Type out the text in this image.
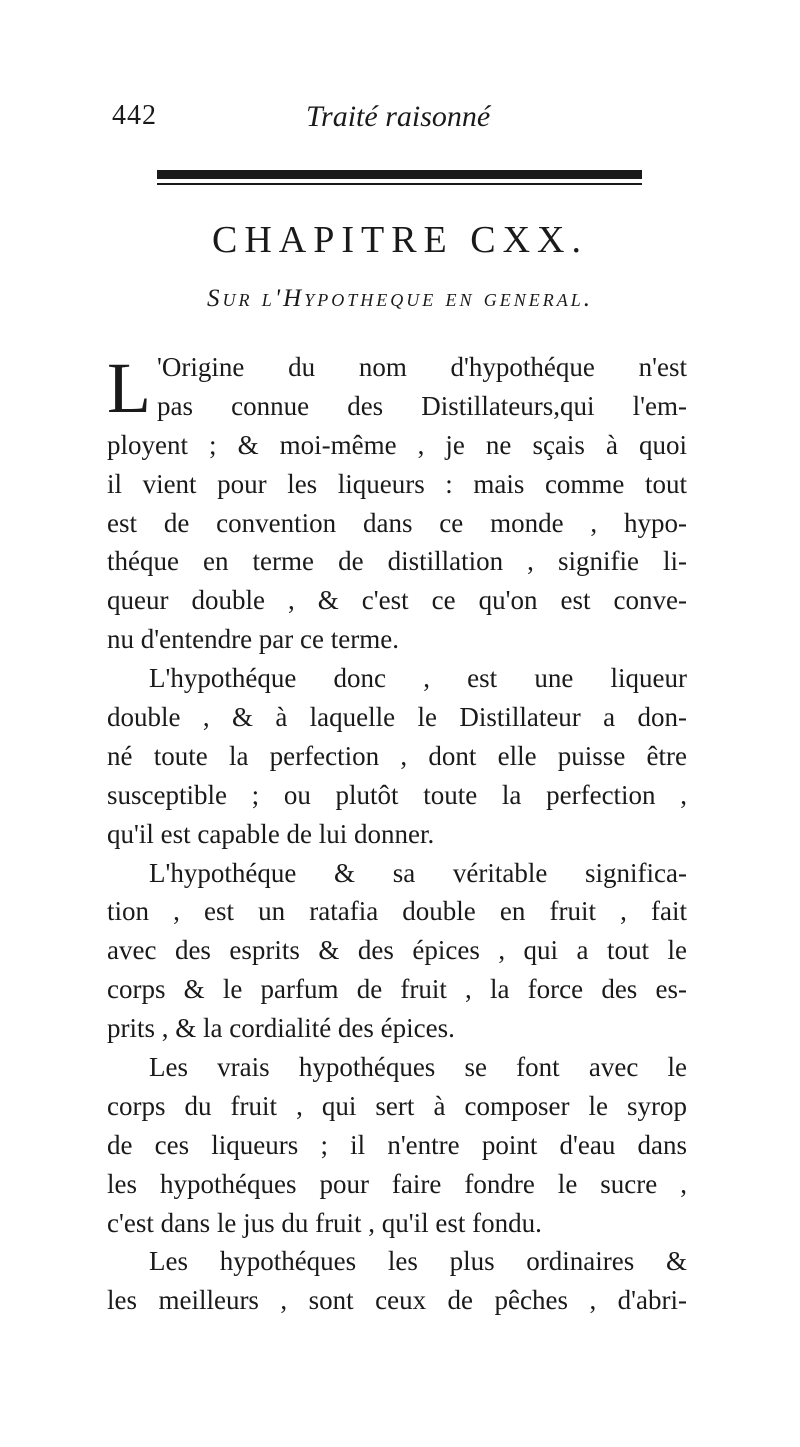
442	Traité raisonné
CHAPITRE CXX.
Sur l'Hypotheque en general.
L 'Origine du nom d'hypothéque n'est
pas connue des Distillateurs,qui l'em-
ployent ; & moi-même , je ne sçais à quoi
il vient pour les liqueurs : mais comme tout
est de convention dans ce monde , hypo-
théque en terme de distillation , signifie li-
queur double , & c'est ce qu'on est conve-
nu d'entendre par ce terme.
L'hypothéque donc , est une liqueur
double , & à laquelle le Distillateur a don-
né toute la perfection , dont elle puisse être
susceptible ; ou plutôt toute la perfection ,
qu'il est capable de lui donner.
L'hypothéque & sa véritable significa-
tion , est un ratafia double en fruit , fait
avec des esprits & des épices , qui a tout le
corps & le parfum de fruit , la force des es-
prits , & la cordialité des épices.
Les vrais hypothéques se font avec le
corps du fruit , qui sert à composer le syrop
de ces liqueurs ; il n'entre point d'eau dans
les hypothéques pour faire fondre le sucre ,
c'est dans le jus du fruit , qu'il est fondu.
Les hypothéques les plus ordinaires &
les meilleurs , sont ceux de pêches , d'abri-
